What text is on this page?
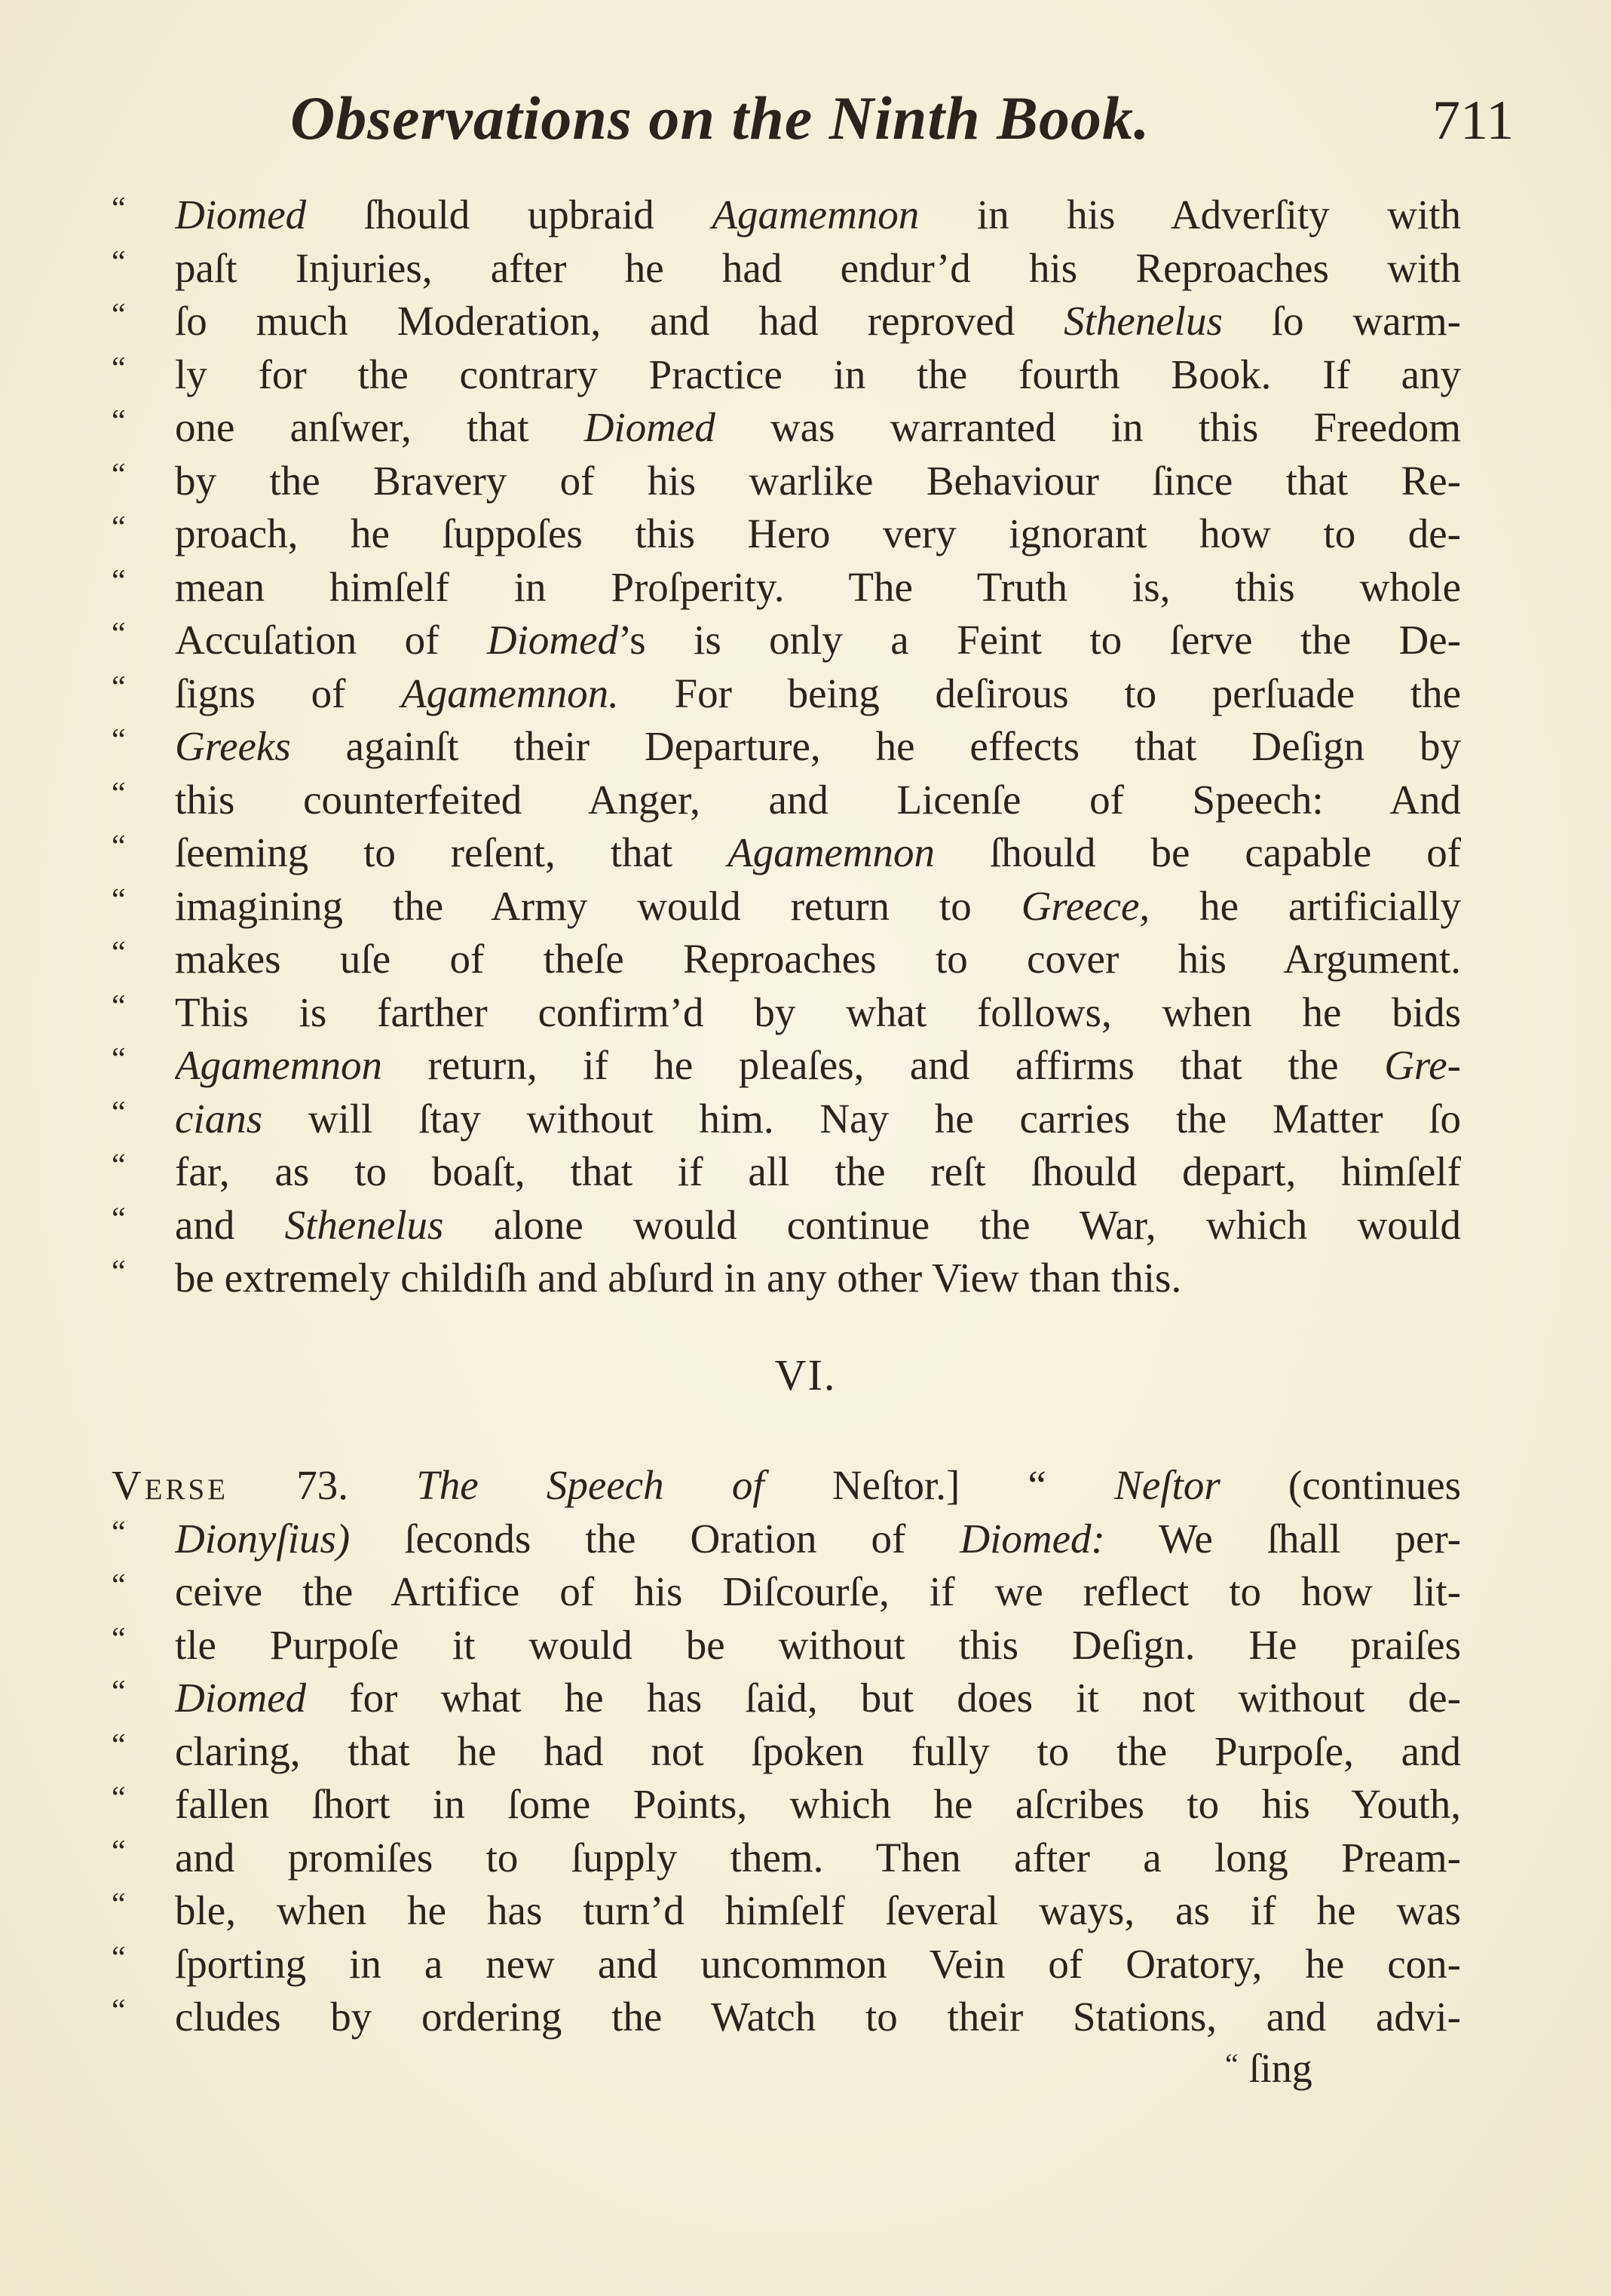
Observations on the Ninth Book.	711
“	Diomed ſhould upbraid Agamemnon in his Adverſity with
“	paſt Injuries, after he had endur’d his Reproaches with
“	ſo much Moderation, and had reproved Sthenelus ſo warm-
“	ly for the contrary Practice in the fourth Book. If any
“	one anſwer, that Diomed was warranted in this Freedom
“	by the Bravery of his warlike Behaviour ſince that Re-
“	proach, he ſuppoſes this Hero very ignorant how to de-
“	mean himſelf in Proſperity. The Truth is, this whole
“	Accuſation of Diomed’s is only a Feint to ſerve the De-
“	ſigns of Agamemnon. For being deſirous to perſuade the
“	Greeks againſt their Departure, he effects that Deſign by
“	this counterfeited Anger, and Licenſe of Speech: And
“	ſeeming to reſent, that Agamemnon ſhould be capable of
“	imagining the Army would return to Greece, he artificially
“	makes uſe of theſe Reproaches to cover his Argument.
“	This is farther confirm’d by what follows, when he bids
“	Agamemnon return, if he pleaſes, and affirms that the Gre-
“	cians will ſtay without him. Nay he carries the Matter ſo
“	far, as to boaſt, that if all the reſt ſhould depart, himſelf
“	and Sthenelus alone would continue the War, which would
“	be extremely childiſh and abſurd in any other View than this.
VI.
Verse 73. The Speech of Neſtor.] “ Neſtor (continues
“	Dionyſius) ſeconds the Oration of Diomed: We ſhall per-
“	ceive the Artifice of his Diſcourſe, if we reflect to how lit-
“	tle Purpoſe it would be without this Deſign. He praiſes
“	Diomed for what he has ſaid, but does it not without de-
“	claring, that he had not ſpoken fully to the Purpoſe, and
“	fallen ſhort in ſome Points, which he aſcribes to his Youth,
“	and promiſes to ſupply them. Then after a long Pream-
“	ble, when he has turn’d himſelf ſeveral ways, as if he was
“	ſporting in a new and uncommon Vein of Oratory, he con-
“	cludes by ordering the Watch to their Stations, and advi-
“ ſing
